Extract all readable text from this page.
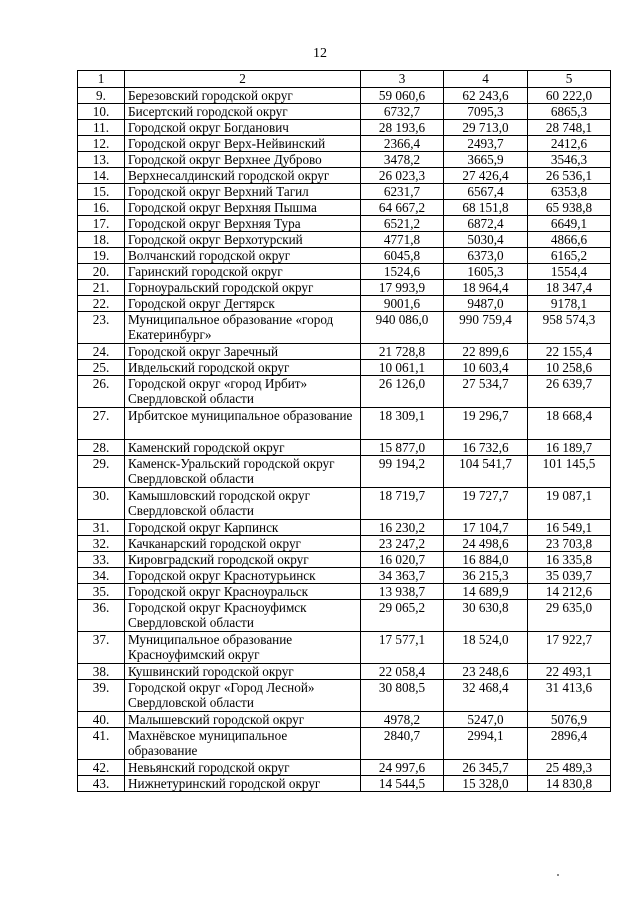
12
1	2	3	4	5
9.	Березовский городской округ	59 060,6	62 243,6	60 222,0
10.	Бисертский городской округ	6732,7	7095,3	6865,3
11.	Городской округ Богданович	28 193,6	29 713,0	28 748,1
12.	Городской округ Верх-Нейвинский	2366,4	2493,7	2412,6
13.	Городской округ Верхнее Дуброво	3478,2	3665,9	3546,3
14.	Верхнесалдинский городской округ	26 023,3	27 426,4	26 536,1
15.	Городской округ Верхний Тагил	6231,7	6567,4	6353,8
16.	Городской округ Верхняя Пышма	64 667,2	68 151,8	65 938,8
17.	Городской округ Верхняя Тура	6521,2	6872,4	6649,1
18.	Городской округ Верхотурский	4771,8	5030,4	4866,6
19.	Волчанский городской округ	6045,8	6373,0	6165,2
20.	Гаринский городской округ	1524,6	1605,3	1554,4
21.	Горноуральский городской округ	17 993,9	18 964,4	18 347,4
22.	Городской округ Дегтярск	9001,6	9487,0	9178,1
23.	Муниципальное образование «город Екатеринбург»	940 086,0	990 759,4	958 574,3
24.	Городской округ Заречный	21 728,8	22 899,6	22 155,4
25.	Ивдельский городской округ	10 061,1	10 603,4	10 258,6
26.	Городской округ «город Ирбит» Свердловской области	26 126,0	27 534,7	26 639,7
27.	Ирбитское муниципальное образование	18 309,1	19 296,7	18 668,4
28.	Каменский городской округ	15 877,0	16 732,6	16 189,7
29.	Каменск-Уральский городской округ Свердловской области	99 194,2	104 541,7	101 145,5
30.	Камышловский городской округ Свердловской области	18 719,7	19 727,7	19 087,1
31.	Городской округ Карпинск	16 230,2	17 104,7	16 549,1
32.	Качканарский городской округ	23 247,2	24 498,6	23 703,8
33.	Кировградский городской округ	16 020,7	16 884,0	16 335,8
34.	Городской округ Краснотурьинск	34 363,7	36 215,3	35 039,7
35.	Городской округ Красноуральск	13 938,7	14 689,9	14 212,6
36.	Городской округ Красноуфимск Свердловской области	29 065,2	30 630,8	29 635,0
37.	Муниципальное образование Красноуфимский округ	17 577,1	18 524,0	17 922,7
38.	Кушвинский городской округ	22 058,4	23 248,6	22 493,1
39.	Городской округ «Город Лесной» Свердловской области	30 808,5	32 468,4	31 413,6
40.	Малышевский городской округ	4978,2	5247,0	5076,9
41.	Махнёвское муниципальное образование	2840,7	2994,1	2896,4
42.	Невьянский городской округ	24 997,6	26 345,7	25 489,3
43.	Нижнетуринский городской округ	14 544,5	15 328,0	14 830,8
